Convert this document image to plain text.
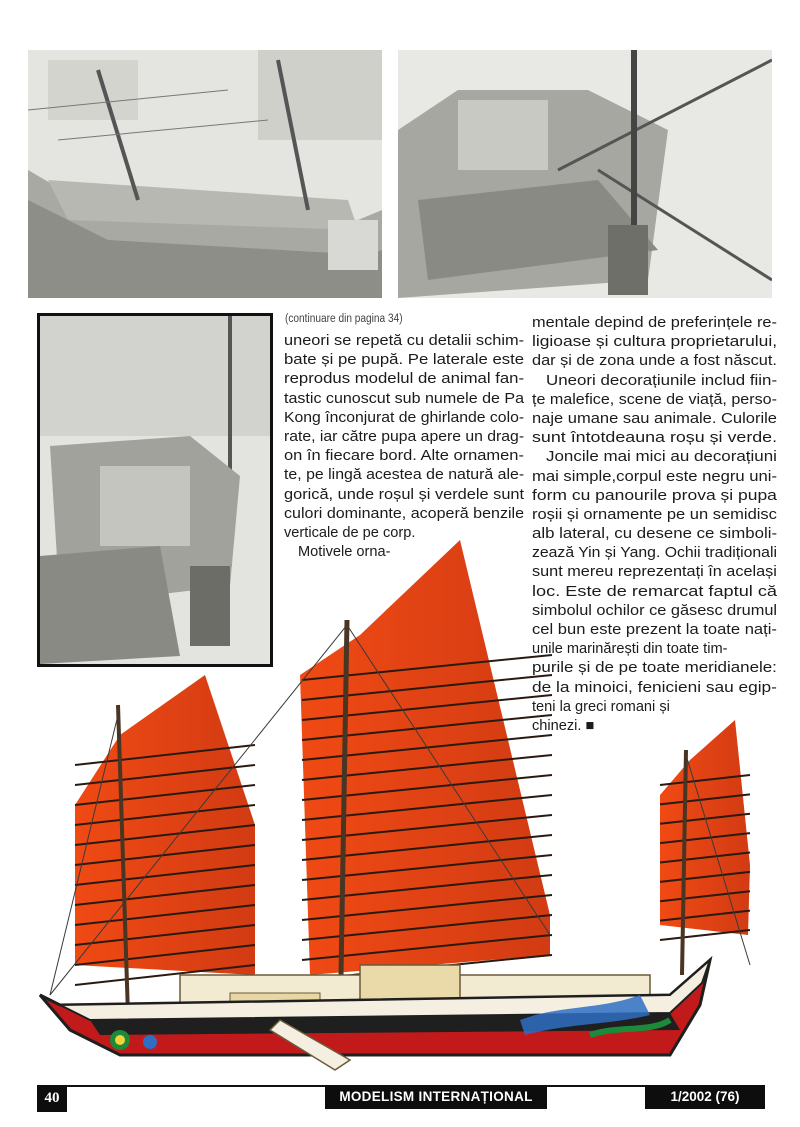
(continuare din pagina 34)
uneori se repetă cu detalii schim-
bate și pe pupă. Pe laterale este
reprodus modelul de animal fan-
tastic cunoscut sub numele de Pa
Kong înconjurat de ghirlande colo-
rate, iar către pupa apere un drag-
on în fiecare bord. Alte ornamen-
te, pe lingă acestea de natură ale-
gorică, unde roșul și verdele sunt
culori dominante, acoperă benzile
verticale de pe corp.
Motivele orna-
mentale depind de preferințele re-
ligioase și cultura proprietarului,
dar și de zona unde a fost născut.
Uneori decorațiunile includ fiin-
țe malefice, scene de viață, perso-
naje umane sau animale. Culorile
sunt întotdeauna roșu și verde.
Joncile mai mici au decorațiuni
mai simple,corpul este negru uni-
form cu panourile prova și pupa
roșii și ornamente pe un semidisc
alb lateral, cu desene ce simboli-
zează Yin și Yang. Ochii tradiționali
sunt mereu reprezentați în același
loc. Este de remarcat faptul că
simbolul ochilor ce găsesc drumul
cel bun este prezent la toate nați-
unile marinărești din toate tim-
purile și de pe toate meridianele:
de la minoici, fenicieni sau egip-
teni la greci romani și
chinezi. ■
40	MODELISM INTERNAȚIONAL	1/2002 (76)
